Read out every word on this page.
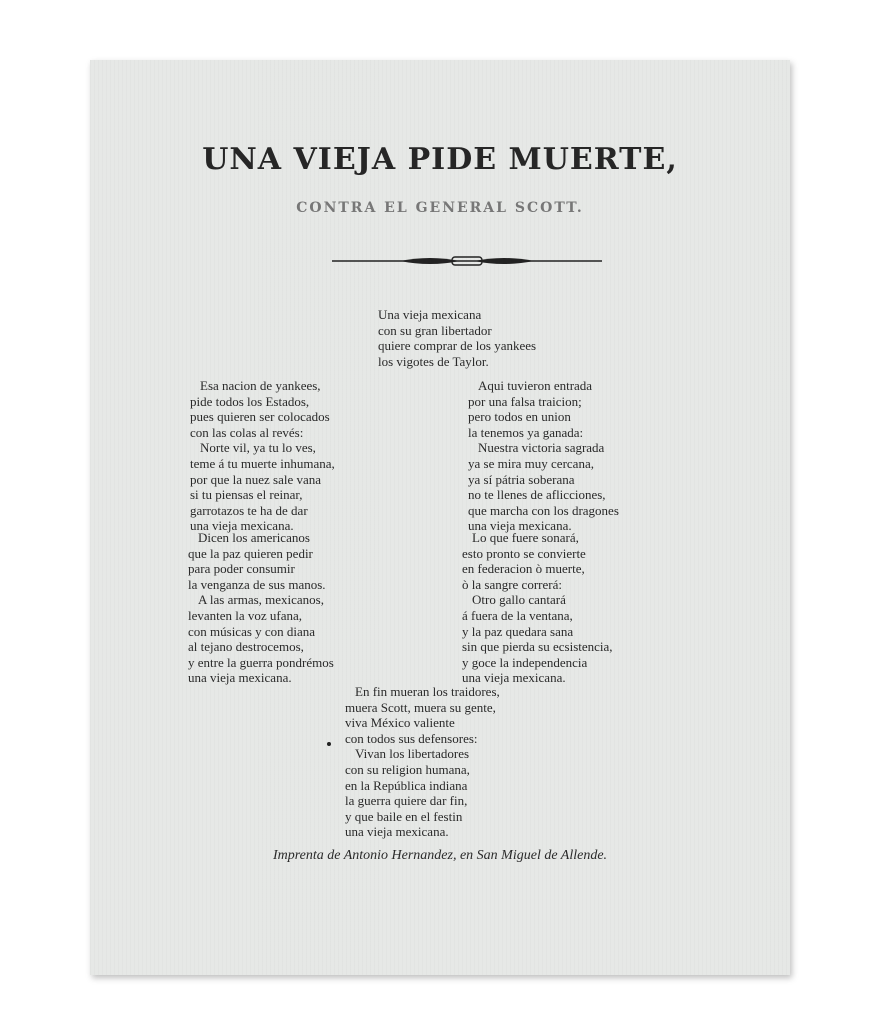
UNA VIEJA PIDE MUERTE,
CONTRA EL GENERAL SCOTT.
Una vieja mexicana
con su gran libertador
quiere comprar de los yankees
los vigotes de Taylor.
Esa nacion de yankees,
pide todos los Estados,
pues quieren ser colocados
con las colas al revés:
Norte vil, ya tu lo ves,
teme á tu muerte inhumana,
por que la nuez sale vana
si tu piensas el reinar,
garrotazos te ha de dar
una vieja mexicana.
Aqui tuvieron entrada
por una falsa traicion;
pero todos en union
la tenemos ya ganada:
Nuestra victoria sagrada
ya se mira muy cercana,
ya sí pátria soberana
no te llenes de aflicciones,
que marcha con los dragones
una vieja mexicana.
Dicen los americanos
que la paz quieren pedir
para poder consumir
la venganza de sus manos.
A las armas, mexicanos,
levanten la voz ufana,
con músicas y con diana
al tejano destrocemos,
y entre la guerra pondrémos
una vieja mexicana.
Lo que fuere sonará,
esto pronto se convierte
en federacion ò muerte,
ò la sangre correrá:
Otro gallo cantará
á fuera de la ventana,
y la paz quedara sana
sin que pierda su ecsistencia,
y goce la independencia
una vieja mexicana.
En fin mueran los traidores,
muera Scott, muera su gente,
viva México valiente
con todos sus defensores:
Vivan los libertadores
con su religion humana,
en la República indiana
la guerra quiere dar fin,
y que baile en el festin
una vieja mexicana.

Imprenta de Antonio Hernandez, en San Miguel de Allende.
